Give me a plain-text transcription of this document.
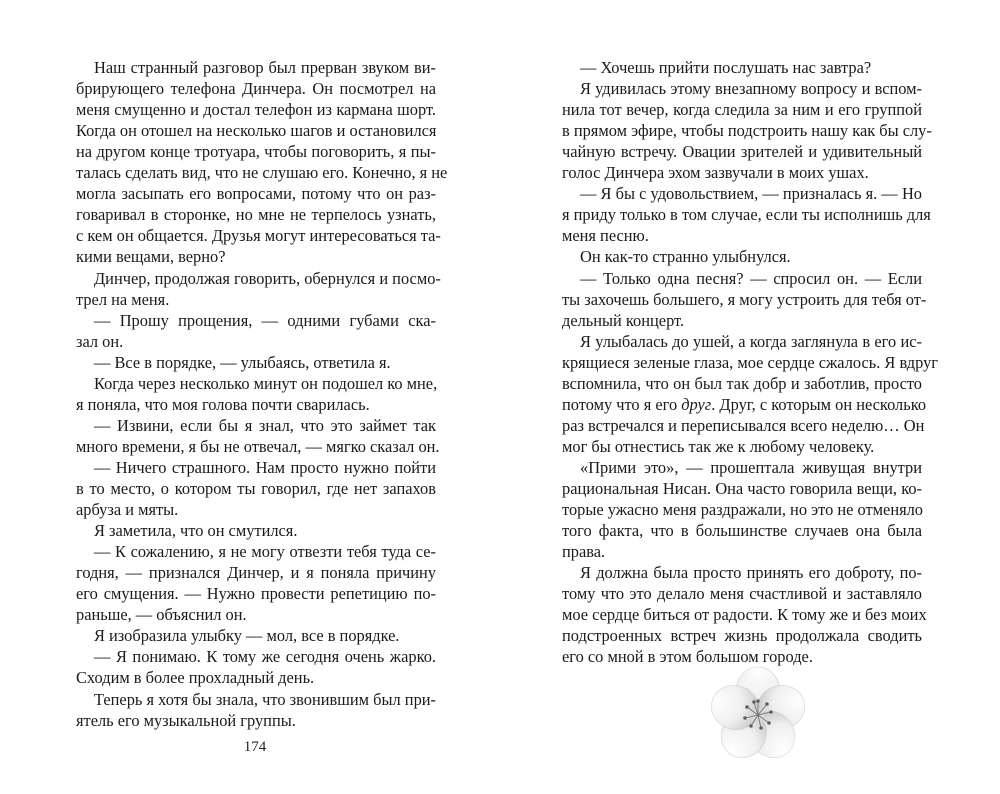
Наш странный разговор был прерван звуком ви-
брирующего телефона Динчера. Он посмотрел на
меня смущенно и достал телефон из кармана шорт.
Когда он отошел на несколько шагов и остановился
на другом конце тротуара, чтобы поговорить, я пы-
талась сделать вид, что не слушаю его. Конечно, я не
могла засыпать его вопросами, потому что он раз-
говаривал в сторонке, но мне не терпелось узнать,
с кем он общается. Друзья могут интересоваться та-
кими вещами, верно?
Динчер, продолжая говорить, обернулся и посмо-
трел на меня.
— Прошу прощения, — одними губами ска-
зал он.
— Все в порядке, — улыбаясь, ответила я.
Когда через несколько минут он подошел ко мне,
я поняла, что моя голова почти сварилась.
— Извини, если бы я знал, что это займет так
много времени, я бы не отвечал, — мягко сказал он.
— Ничего страшного. Нам просто нужно пойти
в то место, о котором ты говорил, где нет запахов
арбуза и мяты.
Я заметила, что он смутился.
— К сожалению, я не могу отвезти тебя туда се-
годня, — признался Динчер, и я поняла причину
его смущения. — Нужно провести репетицию по-
раньше, — объяснил он.
Я изобразила улыбку — мол, все в порядке.
— Я понимаю. К тому же сегодня очень жарко.
Сходим в более прохладный день.
Теперь я хотя бы знала, что звонившим был при-
ятель его музыкальной группы.
— Хочешь прийти послушать нас завтра?
Я удивилась этому внезапному вопросу и вспом-
нила тот вечер, когда следила за ним и его группой
в прямом эфире, чтобы подстроить нашу как бы слу-
чайную встречу. Овации зрителей и удивительный
голос Динчера эхом зазвучали в моих ушах.
— Я бы с удовольствием, — призналась я. — Но
я приду только в том случае, если ты исполнишь для
меня песню.
Он как-то странно улыбнулся.
— Только одна песня? — спросил он. — Если
ты захочешь большего, я могу устроить для тебя от-
дельный концерт.
Я улыбалась до ушей, а когда заглянула в его ис-
крящиеся зеленые глаза, мое сердце сжалось. Я вдруг
вспомнила, что он был так добр и заботлив, просто
потому что я его друг. Друг, с которым он несколько
раз встречался и переписывался всего неделю… Он
мог бы отнестись так же к любому человеку.
«Прими это», — прошептала живущая внутри
рациональная Нисан. Она часто говорила вещи, ко-
торые ужасно меня раздражали, но это не отменяло
того факта, что в большинстве случаев она была
права.
Я должна была просто принять его доброту, по-
тому что это делало меня счастливой и заставляло
мое сердце биться от радости. К тому же и без моих
подстроенных встреч жизнь продолжала сводить
его со мной в этом большом городе.
174
